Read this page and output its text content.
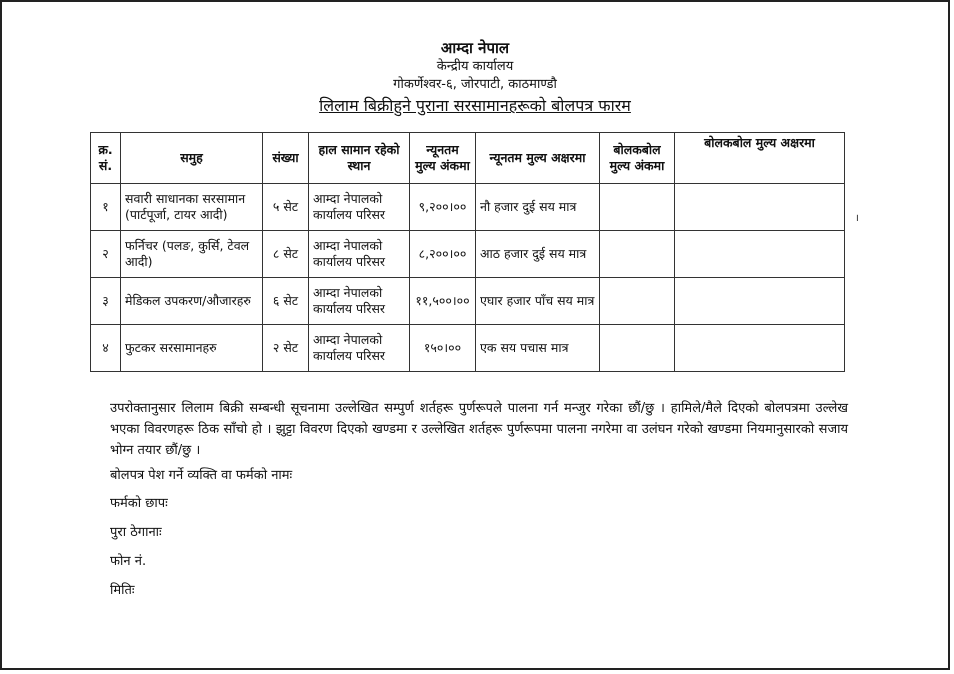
आम्दा नेपाल
केन्द्रीय कार्यालय
गोकर्णेश्वर-६, जोरपाटी, काठमाण्डौ
लिलाम बिक्रीहुने पुराना सरसामानहरूको बोलपत्र फारम
क्र. सं.	समुह	संख्या	हाल सामान रहेको स्थान	न्यूनतम मुल्य अंकमा	न्यूनतम मुल्य अक्षरमा	बोलकबोल मुल्य अंकमा	बोलकबोल मुल्य अक्षरमा
१	सवारी साधानका सरसामान (पार्टपूर्जा, टायर आदी)	५ सेट	आम्दा नेपालको कार्यालय परिसर	९,२००।००	नौ हजार दुई सय मात्र		
२	फर्निचर (पलङ, कुर्सि, टेवल आदी)	८ सेट	आम्दा नेपालको कार्यालय परिसर	८,२००।००	आठ हजार दुई सय मात्र		
३	मेडिकल उपकरण/औजारहरु	६ सेट	आम्दा नेपालको कार्यालय परिसर	११,५००।००	एघार हजार पाँच सय मात्र		
४	फुटकर सरसामानहरु	२ सेट	आम्दा नेपालको कार्यालय परिसर	१५०।००	एक सय पचास मात्र		
।
उपरोक्तानुसार लिलाम बिक्री सम्बन्धी सूचनामा उल्लेखित सम्पुर्ण शर्तहरू पुर्णरूपले पालना गर्न मन्जुर गरेका छौं/छु । हामिले/मैले दिएको बोलपत्रमा उल्लेख भएका विवरणहरू ठिक साँचो हो । झुट्टा विवरण दिएको खण्डमा र उल्लेखित शर्तहरू पुर्णरूपमा पालना नगरेमा वा उलंघन गरेको खण्डमा नियमानुसारको सजाय भोग्न तयार छौं/छु ।
बोलपत्र पेश गर्ने व्यक्ति वा फर्मको नामः
फर्मको छापः
पुरा ठेगानाः
फोन नं.
मितिः
